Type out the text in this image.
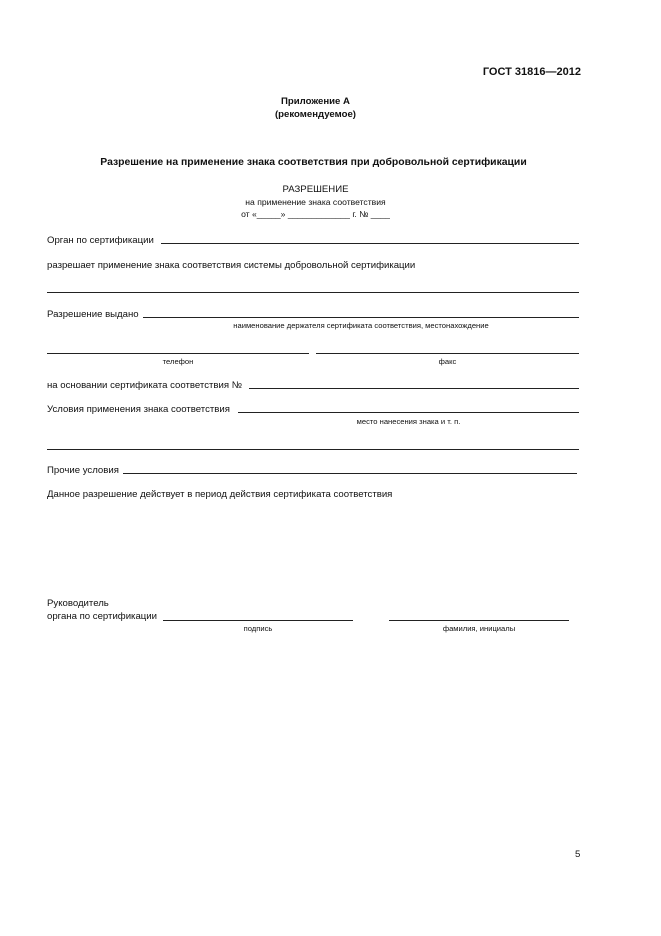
ГОСТ 31816—2012
Приложение А
(рекомендуемое)
Разрешение на применение знака соответствия при добровольной сертификации
РАЗРЕШЕНИЕ
на применение знака соответствия
от «_____» _____________ г. № ____
Орган по сертификации
разрешает применение знака соответствия системы добровольной сертификации
Разрешение выдано
наименование держателя сертификата соответствия, местонахождение
телефон	факс
на основании сертификата соответствия №
Условия применения знака соответствия
место нанесения знака и т. п.
Прочие условия
Данное разрешение действует в период действия сертификата соответствия
Руководитель
органа по сертификации
подпись	фамилия, инициалы
5
